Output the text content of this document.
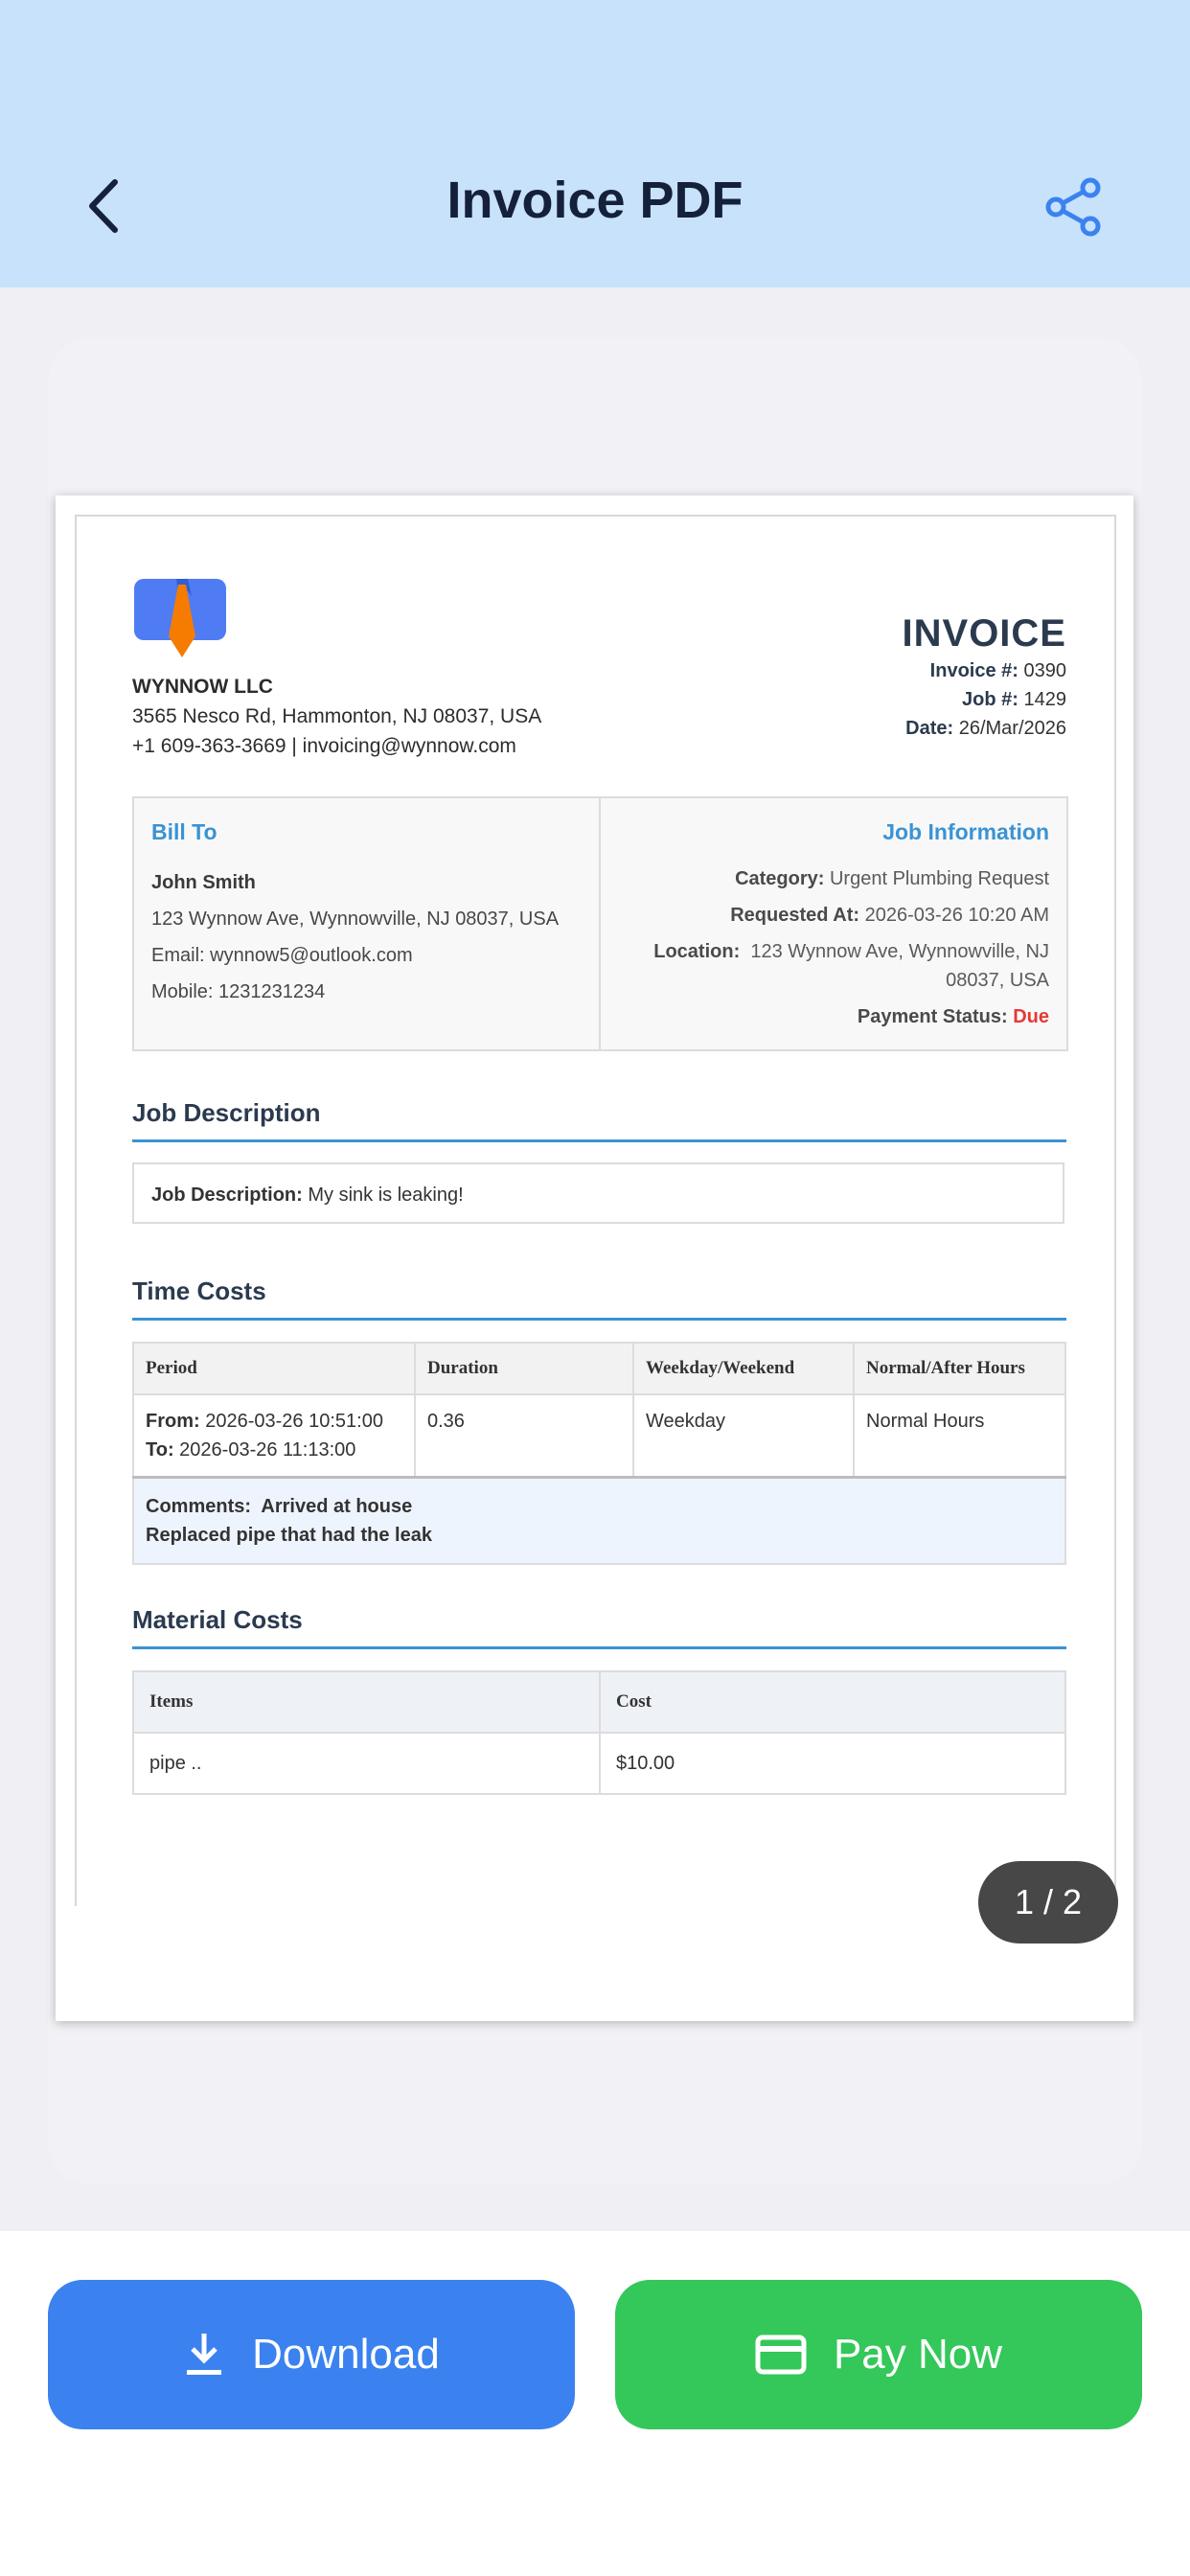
Invoice PDF
WYNNOW LLC
3565 Nesco Rd, Hammonton, NJ 08037, USA
+1 609-363-3669 | invoicing@wynnow.com
INVOICE
Invoice #: 0390
Job #: 1429
Date: 26/Mar/2026
Bill To
John Smith
123 Wynnow Ave, Wynnowville, NJ 08037, USA
Email: wynnow5@outlook.com
Mobile: 1231231234
Job Information
Category: Urgent Plumbing Request
Requested At: 2026-03-26 10:20 AM
Location: 123 Wynnow Ave, Wynnowville, NJ 08037, USA
Payment Status: Due
Job Description
Job Description: My sink is leaking!
Time Costs
Period	Duration	Weekday/Weekend	Normal/After Hours

From: 2026-03-26 10:51:00
To: 2026-03-26 11:13:00	0.36	Weekday	Normal Hours

Comments: Arrived at house
Replaced pipe that had the leak			
Material Costs
Items	Cost
pipe ..	$10.00
1 / 2
Download	Pay Now
